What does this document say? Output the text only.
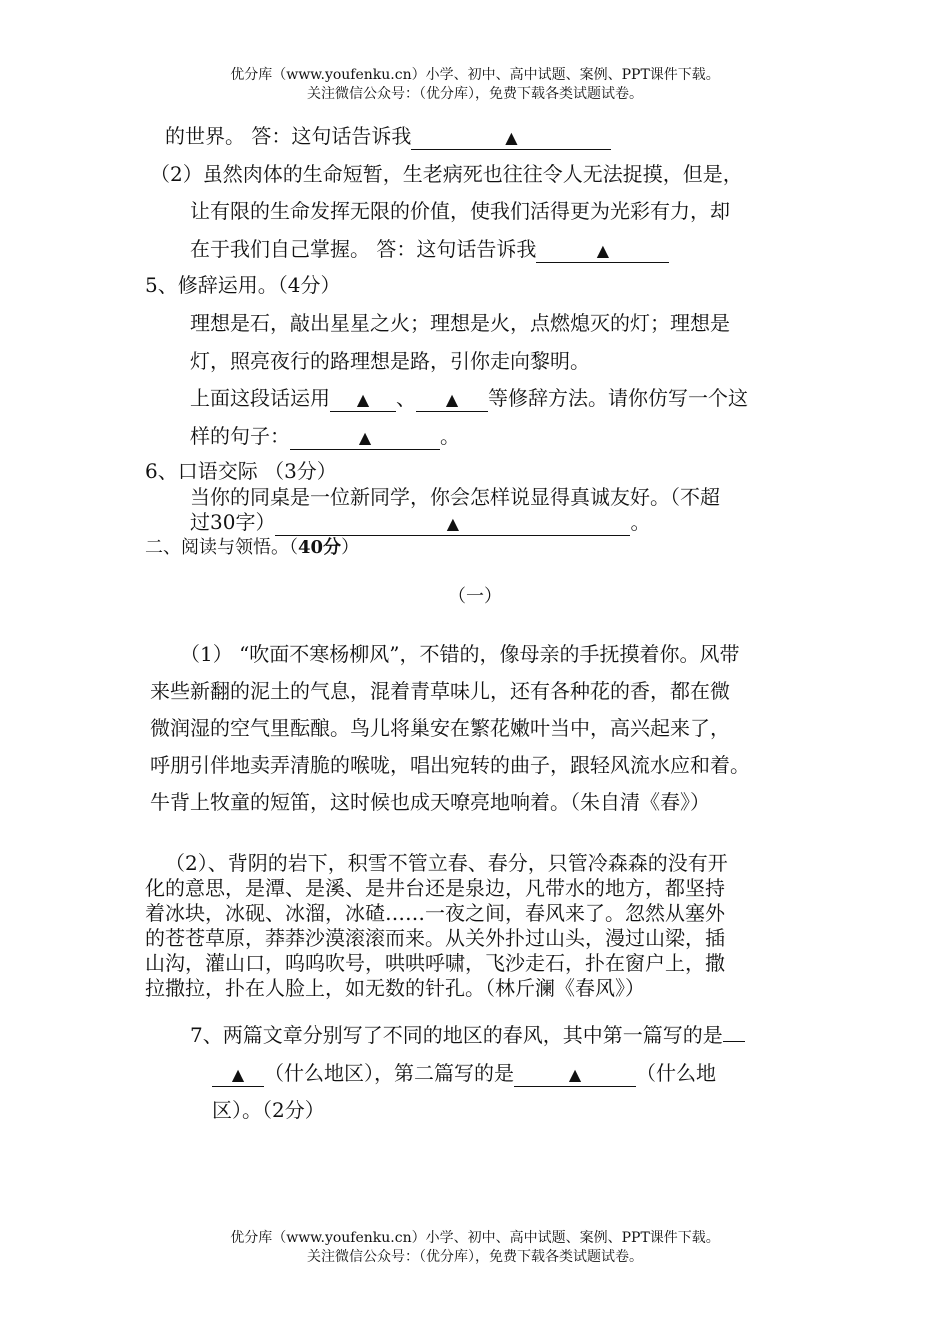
优分库（www.youfenku.cn）小学、初中、高中试题、案例、PPT课件下载。
关注微信公众号：（优分库），免费下载各类试题试卷。
的世界。 答：这句话告诉我	▲
（2）虽然肉体的生命短暂，生老病死也往往令人无法捉摸，但是，
让有限的生命发挥无限的价值，使我们活得更为光彩有力，却
在于我们自己掌握。 答：这句话告诉我	▲
5、修辞运用。（4分）
理想是石，敲出星星之火；理想是火，点燃熄灭的灯；理想是
灯，照亮夜行的路理想是路，引你走向黎明。
上面这段话运用 ▲ 、 ▲ 等修辞方法。请你仿写一个这
样的句子：	▲	。
6、口语交际 （3分）
当你的同桌是一位新同学，你会怎样说显得真诚友好。（不超
过30字）	▲	。
二、阅读与领悟。（40分）
（一）
（1） “吹面不寒杨柳风”，不错的，像母亲的手抚摸着你。风带
来些新翻的泥土的气息，混着青草味儿，还有各种花的香，都在微
微润湿的空气里酝酿。鸟儿将巢安在繁花嫩叶当中，高兴起来了，
呼朋引伴地卖弄清脆的喉咙，唱出宛转的曲子，跟轻风流水应和着。
牛背上牧童的短笛，这时候也成天嘹亮地响着。（朱自清《春》）
（2）、背阴的岩下，积雪不管立春、春分，只管冷森森的没有开
化的意思，是潭、是溪、是井台还是泉边，凡带水的地方，都坚持
着冰块，冰砚、冰溜，冰碴……一夜之间，春风来了。忽然从塞外
的苍苍草原，莽莽沙漠滚滚而来。从关外扑过山头，漫过山梁，插
山沟，灌山口，呜呜吹号，哄哄呼啸，飞沙走石，扑在窗户上，撒
拉撒拉，扑在人脸上，如无数的针孔。（林斤澜《春风》）
7、两篇文章分别写了不同的地区的春风，其中第一篇写的是
▲ （什么地区），第二篇写的是	▲	（什么地
区）。（2分）
优分库（www.youfenku.cn）小学、初中、高中试题、案例、PPT课件下载。
关注微信公众号：（优分库），免费下载各类试题试卷。
